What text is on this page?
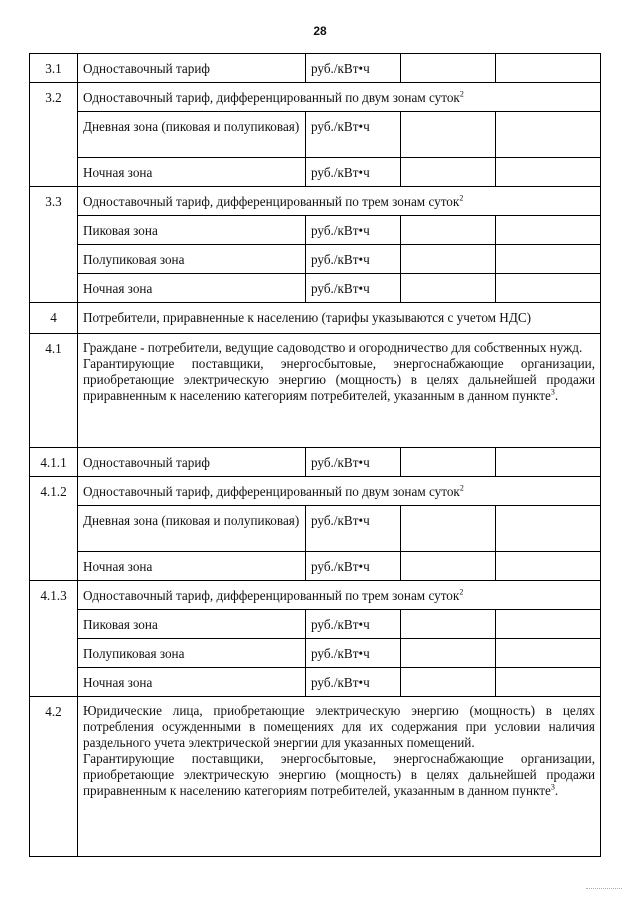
28
3.1	Одноставочный тариф	руб./кВт•ч		
3.2	Одноставочный тариф, дифференцированный по двум зонам суток$^2$
	Дневная зона (пиковая и полупиковая)	руб./кВт•ч		
	Ночная зона	руб./кВт•ч		
3.3	Одноставочный тариф, дифференцированный по трем зонам суток$^2$
	Пиковая зона	руб./кВт•ч		
	Полупиковая зона	руб./кВт•ч		
	Ночная зона	руб./кВт•ч		
4	Потребители, приравненные к населению (тарифы указываются с учетом НДС)			
4.1	Граждане - потребители, ведущие садоводство и огородничество для собственных нужд.

Гарантирующие поставщики, энергосбытовые, энергоснабжающие организации, приобретающие электрическую энергию (мощность) в целях дальнейшей продажи приравненным к населению категориям потребителей, указанным в данном пункте$^3$.			

4.1.1	Одноставочный тариф	руб./кВт•ч		
4.1.2	Одноставочный тариф, дифференцированный по двум зонам суток$^2$
	Дневная зона (пиковая и полупиковая)	руб./кВт•ч		
	Ночная зона	руб./кВт•ч		
4.1.3	Одноставочный тариф, дифференцированный по трем зонам суток$^2$
	Пиковая зона	руб./кВт•ч		
	Полупиковая зона	руб./кВт•ч		
	Ночная зона	руб./кВт•ч		
4.2	Юридические лица, приобретающие электрическую энергию (мощность) в целях потребления осужденными в помещениях для их содержания при условии наличия раздельного учета электрической энергии для указанных помещений.

Гарантирующие поставщики, энергосбытовые, энергоснабжающие организации, приобретающие электрическую энергию (мощность) в целях дальнейшей продажи приравненным к населению категориям потребителей, указанным в данном пункте$^3$.			
